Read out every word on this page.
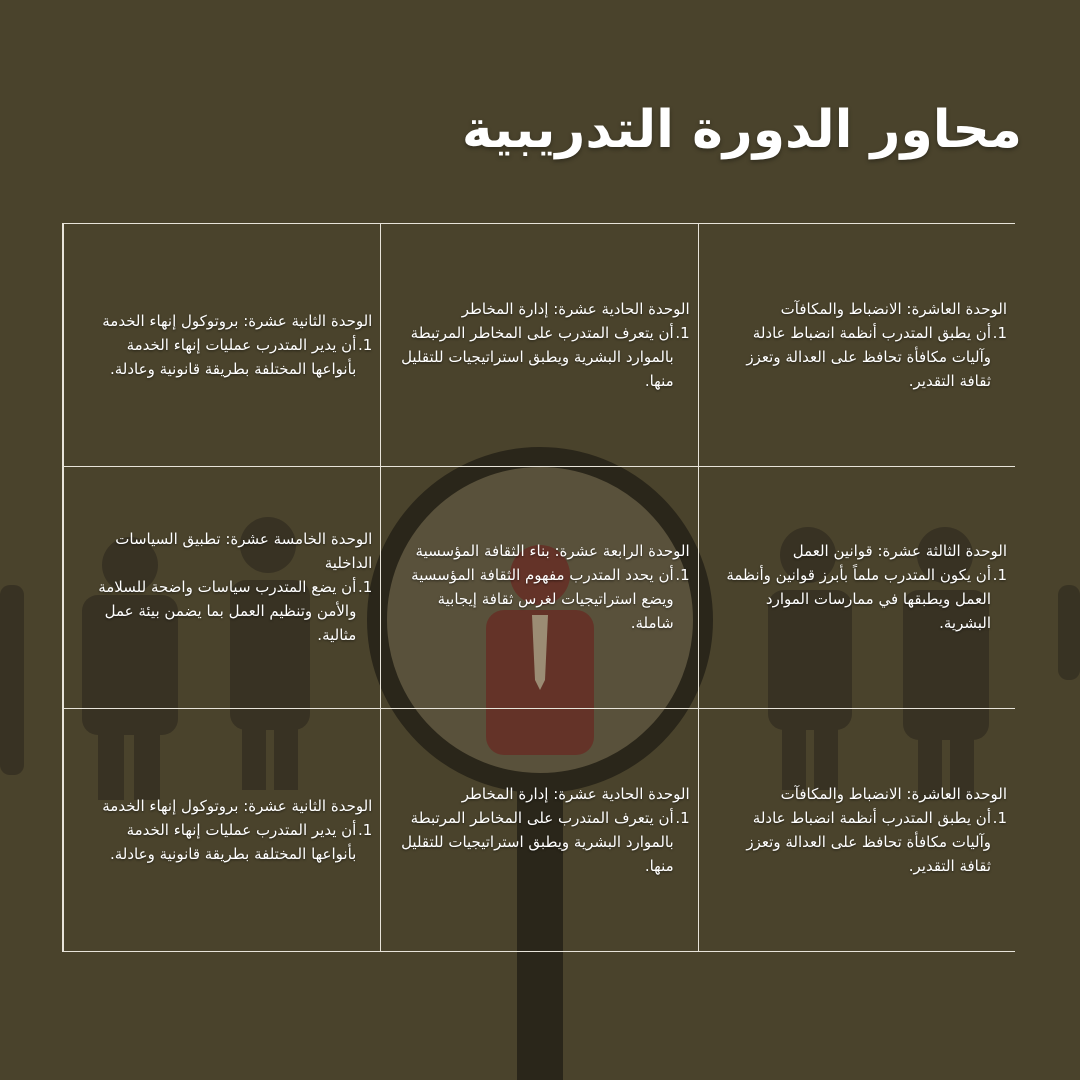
محاور الدورة التدريبية

الوحدة العاشرة: الانضباط والمكافآت

1.أن يطبق المتدرب أنظمة انضباط عادلة وآليات مكافأة تحافظ على العدالة وتعزز ثقافة التقدير.

الوحدة الحادية عشرة: إدارة المخاطر

1.أن يتعرف المتدرب على المخاطر المرتبطة بالموارد البشرية ويطبق استراتيجيات للتقليل منها.

الوحدة الثانية عشرة: بروتوكول إنهاء الخدمة

1.أن يدير المتدرب عمليات إنهاء الخدمة بأنواعها المختلفة بطريقة قانونية وعادلة.

الوحدة الثالثة عشرة: قوانين العمل

1.أن يكون المتدرب ملماً بأبرز قوانين وأنظمة العمل ويطبقها في ممارسات الموارد البشرية.

الوحدة الرابعة عشرة: بناء الثقافة المؤسسية

1.أن يحدد المتدرب مفهوم الثقافة المؤسسية ويضع استراتيجيات لغرس ثقافة إيجابية شاملة.

الوحدة الخامسة عشرة: تطبيق السياسات الداخلية

1.أن يضع المتدرب سياسات واضحة للسلامة والأمن وتنظيم العمل بما يضمن بيئة عمل مثالية.

الوحدة العاشرة: الانضباط والمكافآت

1.أن يطبق المتدرب أنظمة انضباط عادلة وآليات مكافأة تحافظ على العدالة وتعزز ثقافة التقدير.

الوحدة الحادية عشرة: إدارة المخاطر

1.أن يتعرف المتدرب على المخاطر المرتبطة بالموارد البشرية ويطبق استراتيجيات للتقليل منها.

الوحدة الثانية عشرة: بروتوكول إنهاء الخدمة

1.أن يدير المتدرب عمليات إنهاء الخدمة بأنواعها المختلفة بطريقة قانونية وعادلة.
